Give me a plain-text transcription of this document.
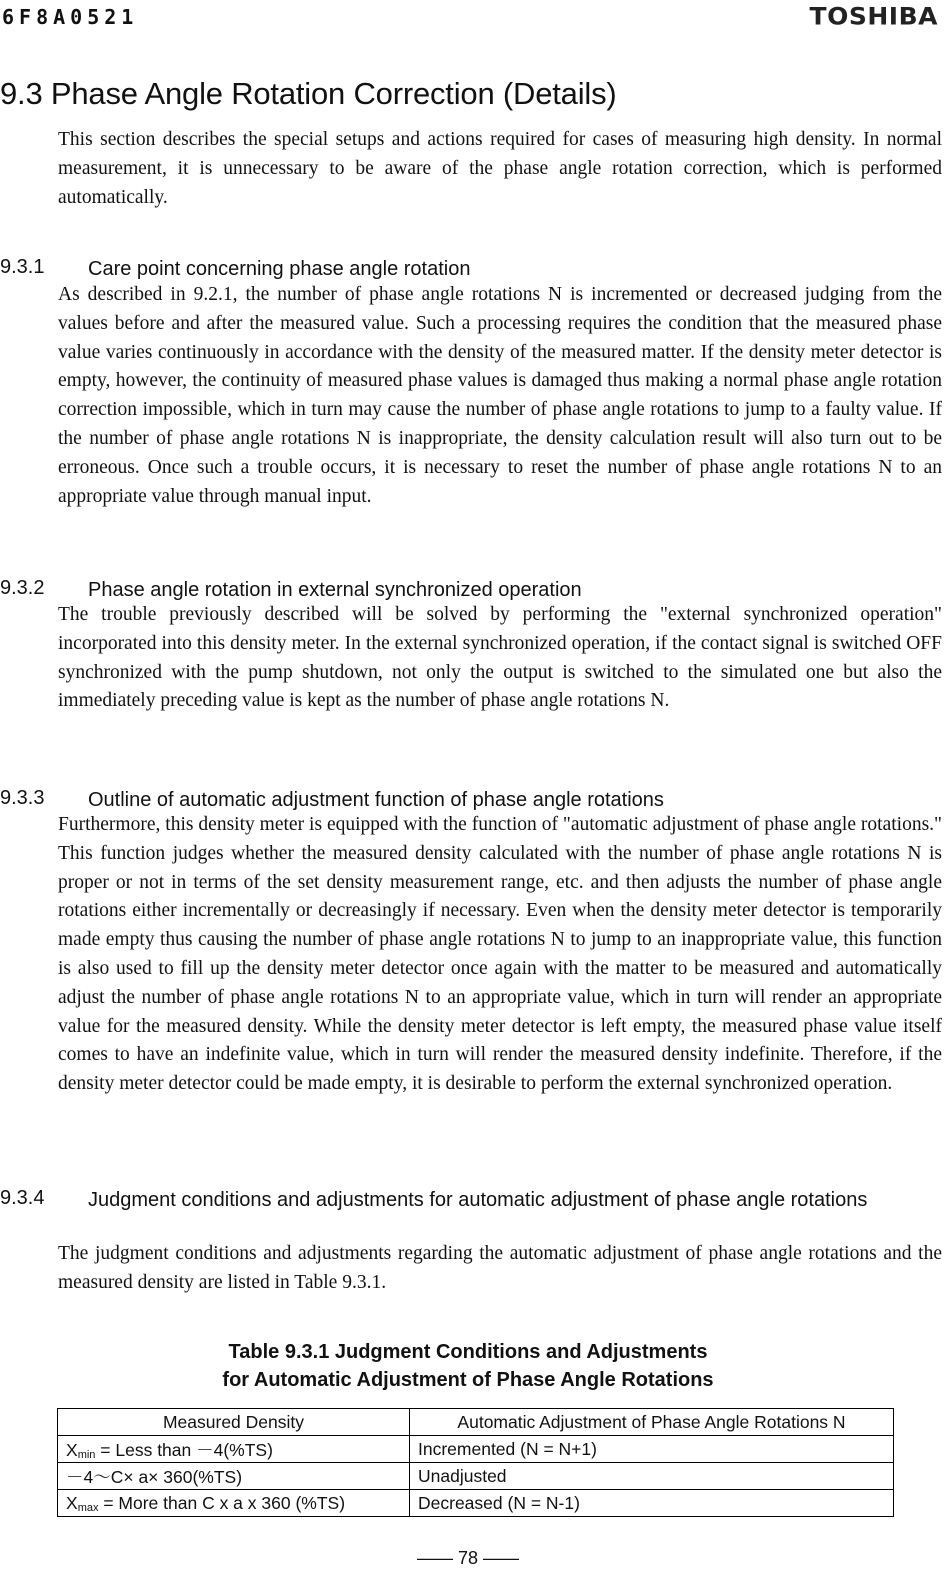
6F8A0521	TOSHIBA
9.3 Phase Angle Rotation Correction (Details)

This section describes the special setups and actions required for cases of measuring high density. In normal measurement, it is unnecessary to be aware of the phase angle rotation correction, which is performed automatically.

9.3.1 Care point concerning phase angle rotation

As described in 9.2.1, the number of phase angle rotations N is incremented or decreased judging from the values before and after the measured value. Such a processing requires the condition that the measured phase value varies continuously in accordance with the density of the measured matter. If the density meter detector is empty, however, the continuity of measured phase values is damaged thus making a normal phase angle rotation correction impossible, which in turn may cause the number of phase angle rotations to jump to a faulty value. If the number of phase angle rotations N is inappropriate, the density calculation result will also turn out to be erroneous. Once such a trouble occurs, it is necessary to reset the number of phase angle rotations N to an appropriate value through manual input.

9.3.2 Phase angle rotation in external synchronized operation

The trouble previously described will be solved by performing the "external synchronized operation" incorporated into this density meter. In the external synchronized operation, if the contact signal is switched OFF synchronized with the pump shutdown, not only the output is switched to the simulated one but also the immediately preceding value is kept as the number of phase angle rotations N.

9.3.3 Outline of automatic adjustment function of phase angle rotations

Furthermore, this density meter is equipped with the function of "automatic adjustment of phase angle rotations." This function judges whether the measured density calculated with the number of phase angle rotations N is proper or not in terms of the set density measurement range, etc. and then adjusts the number of phase angle rotations either incrementally or decreasingly if necessary. Even when the density meter detector is temporarily made empty thus causing the number of phase angle rotations N to jump to an inappropriate value, this function is also used to fill up the density meter detector once again with the matter to be measured and automatically adjust the number of phase angle rotations N to an appropriate value, which in turn will render an appropriate value for the measured density. While the density meter detector is left empty, the measured phase value itself comes to have an indefinite value, which in turn will render the measured density indefinite. Therefore, if the density meter detector could be made empty, it is desirable to perform the external synchronized operation.

9.3.4 Judgment conditions and adjustments for automatic adjustment of phase angle rotations

The judgment conditions and adjustments regarding the automatic adjustment of phase angle rotations and the measured density are listed in Table 9.3.1.

Table 9.3.1 Judgment Conditions and Adjustments
for Automatic Adjustment of Phase Angle Rotations
Measured Density	Automatic Adjustment of Phase Angle Rotations N
Xmin = Less than －4(%TS)	Incremented (N = N+1)
－4～C× a× 360(%TS)	Unadjusted
Xmax = More than C x a x 360 (%TS)	Decreased (N = N-1)
—— 78 ——
